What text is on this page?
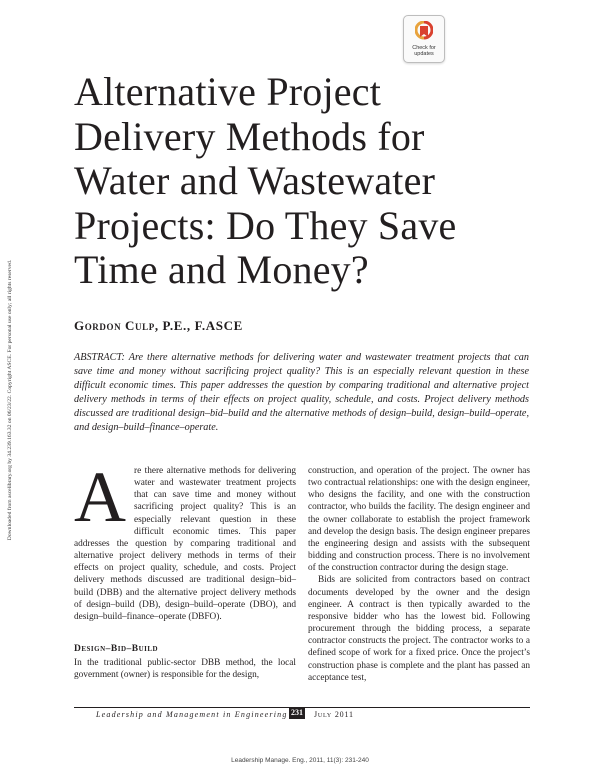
Downloaded from ascelibrary.org by 34.239.163.32 on 06/23/22. Copyright ASCE. For personal use only; all rights reserved.
Check for
updates
Alternative Project Delivery Methods for Water and Wastewater Projects: Do They Save Time and Money?
Gordon Culp, P.E., F.ASCE

ABSTRACT: Are there alternative methods for delivering water and wastewater treatment projects that can save time and money without sacrificing project quality? This is an especially relevant question in these difficult economic times. This paper addresses the question by comparing traditional and alternative project delivery methods in terms of their effects on project quality, schedule, and costs. Project delivery methods discussed are traditional design–bid–build and the alternative methods of design–build, design–build–operate, and design–build–finance–operate.

Are there alternative methods for delivering water and wastewater treatment projects that can save time and money without sacrificing project quality? This is an especially relevant question in these difficult economic times. This paper addresses the question by comparing traditional and alternative project delivery methods in terms of their effects on project quality, schedule, and costs. Project delivery methods discussed are traditional design–bid–build (DBB) and the alternative project delivery methods of design–build (DB), design–build–operate (DBO), and design–build–finance–operate (DBFO).

Design–Bid–Build

In the traditional public-sector DBB method, the local government (owner) is responsible for the design,

construction, and operation of the project. The owner has two contractual relationships: one with the design engineer, who designs the facility, and one with the construction contractor, who builds the facility. The design engineer and the owner collaborate to establish the project framework and develop the design basis. The design engineer prepares the engineering design and assists with the subsequent bidding and construction process. There is no involvement of the construction contractor during the design stage.

Bids are solicited from contractors based on contract documents developed by the owner and the design engineer. A contract is then typically awarded to the responsive bidder who has the lowest bid. Following procurement through the bidding process, a separate contractor constructs the project. The contractor works to a defined scope of work for a fixed price. Once the project’s construction phase is complete and the plant has passed an acceptance test,

Leadership and Management in Engineering 231 July 2011
Leadership Manage. Eng., 2011, 11(3): 231-240
